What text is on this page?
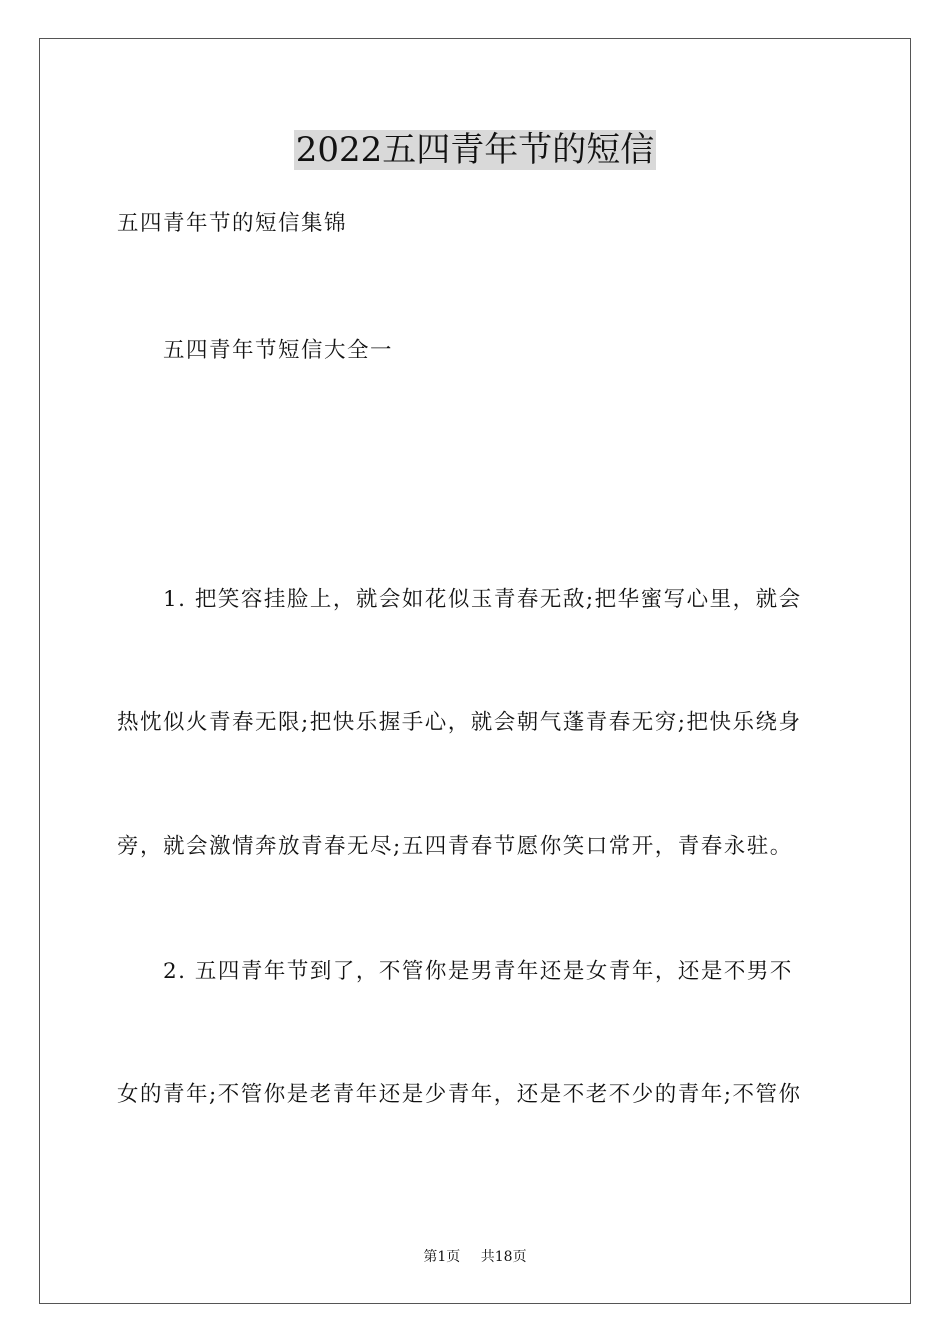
2022五四青年节的短信
五四青年节的短信集锦
五四青年节短信大全一
1. 把笑容挂脸上，就会如花似玉青春无敌;把华蜜写心里，就会
热忱似火青春无限;把快乐握手心，就会朝气蓬青春无穷;把快乐绕身
旁，就会激情奔放青春无尽;五四青春节愿你笑口常开，青春永驻。
2. 五四青年节到了，不管你是男青年还是女青年，还是不男不
女的青年;不管你是老青年还是少青年，还是不老不少的青年;不管你
第1页 共18页
